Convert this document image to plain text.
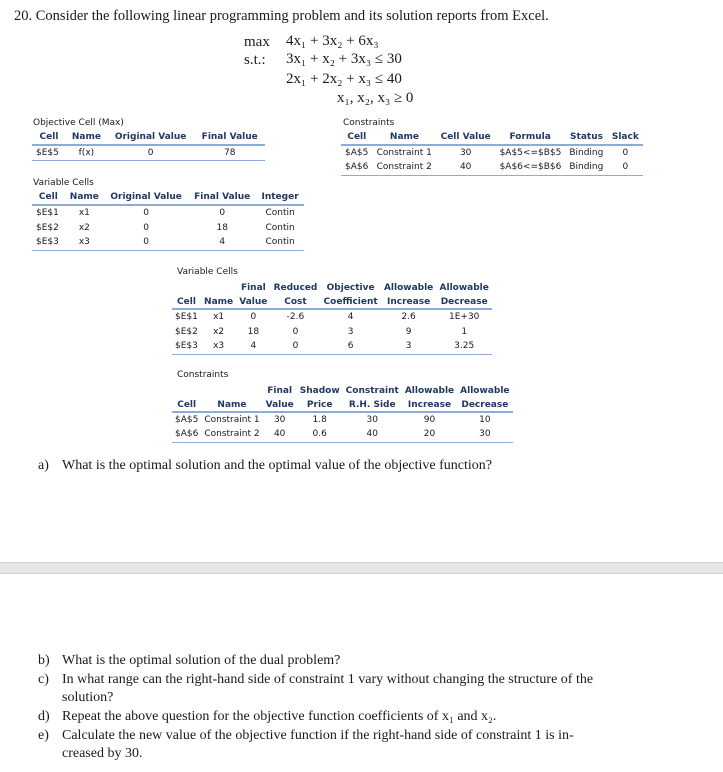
20. Consider the following linear programming problem and its solution reports from Excel.
max 4x₁ + 3x₂ + 6x₃
s.t.: 3x₁ + x₂ + 3x₃ ≤ 30
2x₁ + 2x₂ + x₃ ≤ 40
x₁, x₂, x₃ ≥ 0
Objective Cell (Max)
Cell	Name	Original Value	Final Value
$E$5	f(x)	0	78
Constraints
Cell	Name	Cell Value	Formula	Status	Slack
$A$5	Constraint 1	30	$A$5<=$B$5	Binding	0
$A$6	Constraint 2	40	$A$6<=$B$6	Binding	0
Variable Cells
Cell	Name	Original Value	Final Value	Integer
$E$1	x1	0	0	Contin
$E$2	x2	0	18	Contin
$E$3	x3	0	4	Contin
Variable Cells
		Final	Reduced	Objective	Allowable	Allowable
Cell	Name	Value	Cost	Coefficient	Increase	Decrease
$E$1	x1	0	-2.6	4	2.6	1E+30
$E$2	x2	18	0	3	9	1
$E$3	x3	4	0	6	3	3.25
Constraints
		Final	Shadow	Constraint	Allowable	Allowable
Cell	Name	Value	Price	R.H. Side	Increase	Decrease
$A$5	Constraint 1	30	1.8	30	90	10
$A$6	Constraint 2	40	0.6	40	20	30
a) What is the optimal solution and the optimal value of the objective function?
b) What is the optimal solution of the dual problem?
c) In what range can the right-hand side of constraint 1 vary without changing the structure of the
solution?
d) Repeat the above question for the objective function coefficients of x₁ and x₂.
e) Calculate the new value of the objective function if the right-hand side of constraint 1 is in-
creased by 30.
